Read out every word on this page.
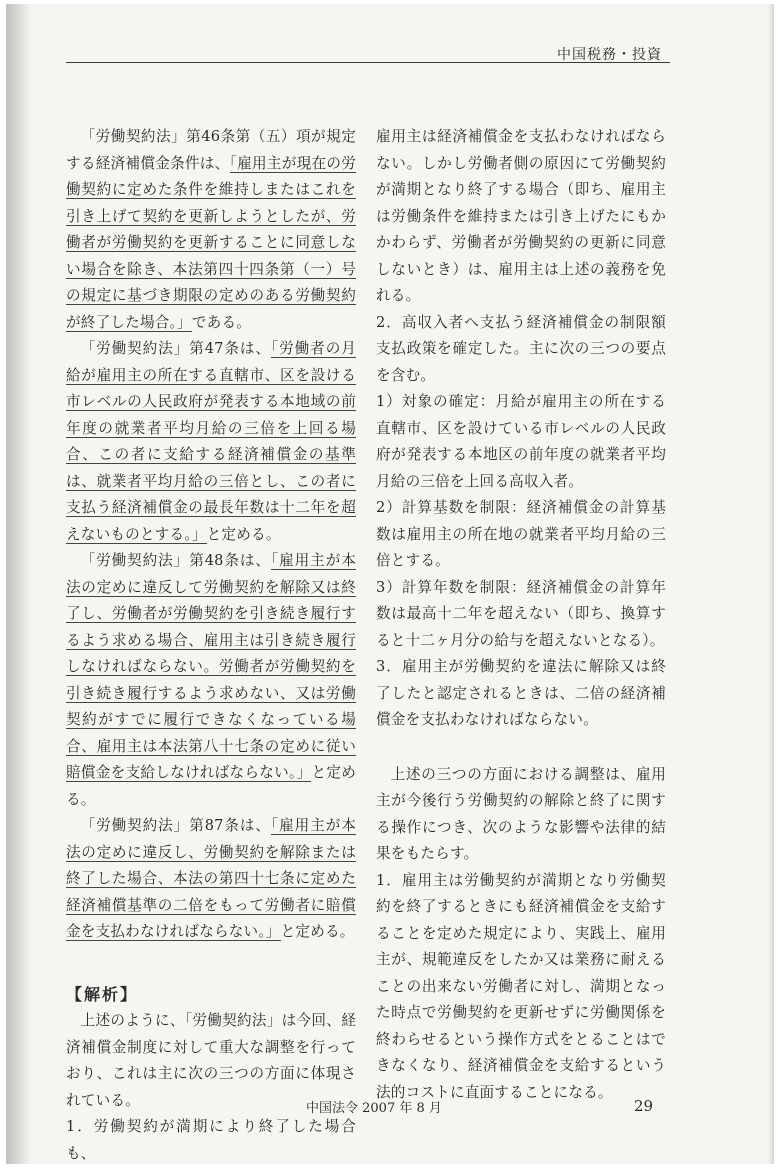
中国税務・投資

「労働契約法」第46条第（五）項が規定する経済補償金条件は、「雇用主が現在の労働契約に定めた条件を維持しまたはこれを引き上げて契約を更新しようとしたが、労働者が労働契約を更新することに同意しない場合を除き、本法第四十四条第（一）号の規定に基づき期限の定めのある労働契約が終了した場合。」である。

「労働契約法」第47条は、「労働者の月給が雇用主の所在する直轄市、区を設ける市レベルの人民政府が発表する本地域の前年度の就業者平均月給の三倍を上回る場合、この者に支給する経済補償金の基準は、就業者平均月給の三倍とし、この者に支払う経済補償金の最長年数は十二年を超えないものとする。」と定める。

「労働契約法」第48条は、「雇用主が本法の定めに違反して労働契約を解除又は終了し、労働者が労働契約を引き続き履行するよう求める場合、雇用主は引き続き履行しなければならない。労働者が労働契約を引き続き履行するよう求めない、又は労働契約がすでに履行できなくなっている場合、雇用主は本法第八十七条の定めに従い賠償金を支給しなければならない。」と定める。

「労働契約法」第87条は、「雇用主が本法の定めに違反し、労働契約を解除または終了した場合、本法の第四十七条に定めた経済補償基準の二倍をもって労働者に賠償金を支払わなければならない。」と定める。

【解析】

上述のように、「労働契約法」は今回、経済補償金制度に対して重大な調整を行っており、これは主に次の三つの方面に体現されている。

1．労働契約が満期により終了した場合も、

雇用主は経済補償金を支払わなければならない。しかし労働者側の原因にて労働契約が満期となり終了する場合（即ち、雇用主は労働条件を維持または引き上げたにもかかわらず、労働者が労働契約の更新に同意しないとき）は、雇用主は上述の義務を免れる。

2．高収入者へ支払う経済補償金の制限額支払政策を確定した。主に次の三つの要点を含む。

1）対象の確定：月給が雇用主の所在する直轄市、区を設けている市レベルの人民政府が発表する本地区の前年度の就業者平均月給の三倍を上回る高収入者。

2）計算基数を制限：経済補償金の計算基数は雇用主の所在地の就業者平均月給の三倍とする。

3）計算年数を制限：経済補償金の計算年数は最高十二年を超えない（即ち、換算すると十二ヶ月分の給与を超えないとなる）。

3．雇用主が労働契約を違法に解除又は終了したと認定されるときは、二倍の経済補償金を支払わなければならない。

上述の三つの方面における調整は、雇用主が今後行う労働契約の解除と終了に関する操作につき、次のような影響や法律的結果をもたらす。

1．雇用主は労働契約が満期となり労働契約を終了するときにも経済補償金を支給することを定めた規定により、実践上、雇用主が、規範違反をしたか又は業務に耐えることの出来ない労働者に対し、満期となった時点で労働契約を更新せずに労働関係を終わらせるという操作方式をとることはできなくなり、経済補償金を支給するという法的コストに直面することになる。

中国法令 2007 年 8 月	29
